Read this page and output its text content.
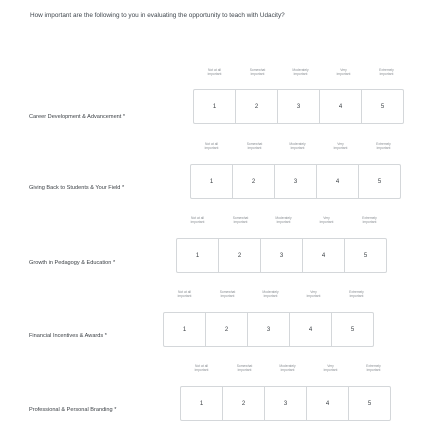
How important are the following to you in evaluating the opportunity to teach with Udacity?
Not at all
important
Somewhat
important
Moderately
important
Very
important
Extremely
important
Career Development & Advancement *
1	2	3	4	5
Not at all
important
Somewhat
important
Moderately
important
Very
important
Extremely
important
Giving Back to Students & Your Field *
1	2	3	4	5
Not at all
important
Somewhat
important
Moderately
important
Very
important
Extremely
important
Growth in Pedagogy & Education *
1	2	3	4	5
Not at all
important
Somewhat
important
Moderately
important
Very
important
Extremely
important
Financial Incentives & Awards *
1	2	3	4	5
Not at all
important
Somewhat
important
Moderately
important
Very
important
Extremely
important
Professional & Personal Branding *
1	2	3	4	5
